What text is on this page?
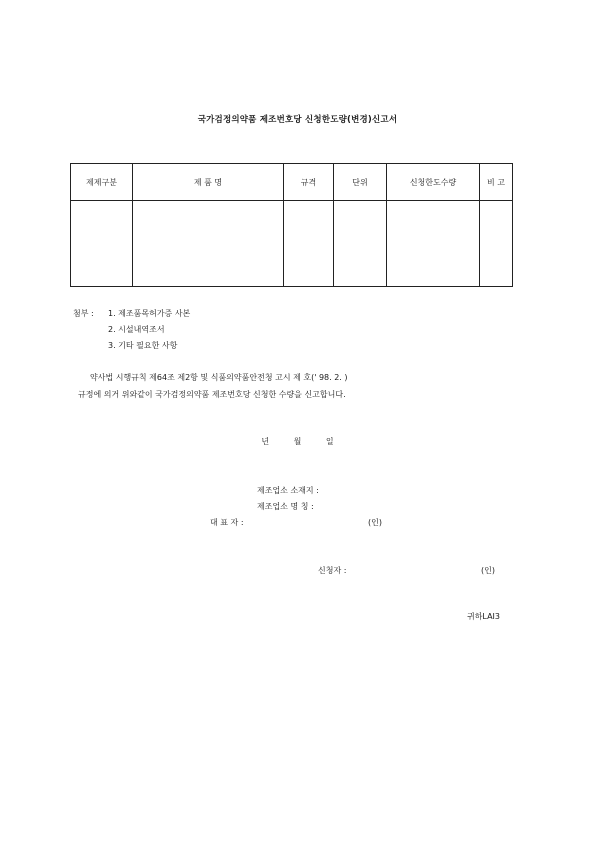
국가검정의약품 제조번호당 신청한도량(변경)신고서
제제구분	제 품 명	규격	단위	신청한도수량	비 고

첨부 : 1. 제조품목허가증 사본
2. 시설내역조서
3. 기타 필요한 사항
약사법 시행규칙 제64조 제2항 및 식품의약품안전청 고시 제 호(' 98. 2. )
규정에 의거 위와같이 국가검정의약품 제조번호당 신청한 수량을 신고합니다.
년 월 일
제조업소 소재지 :
제조업소 명 칭 :
대 표 자 :	(인)
신청자 :	(인)
귀하LAI3
